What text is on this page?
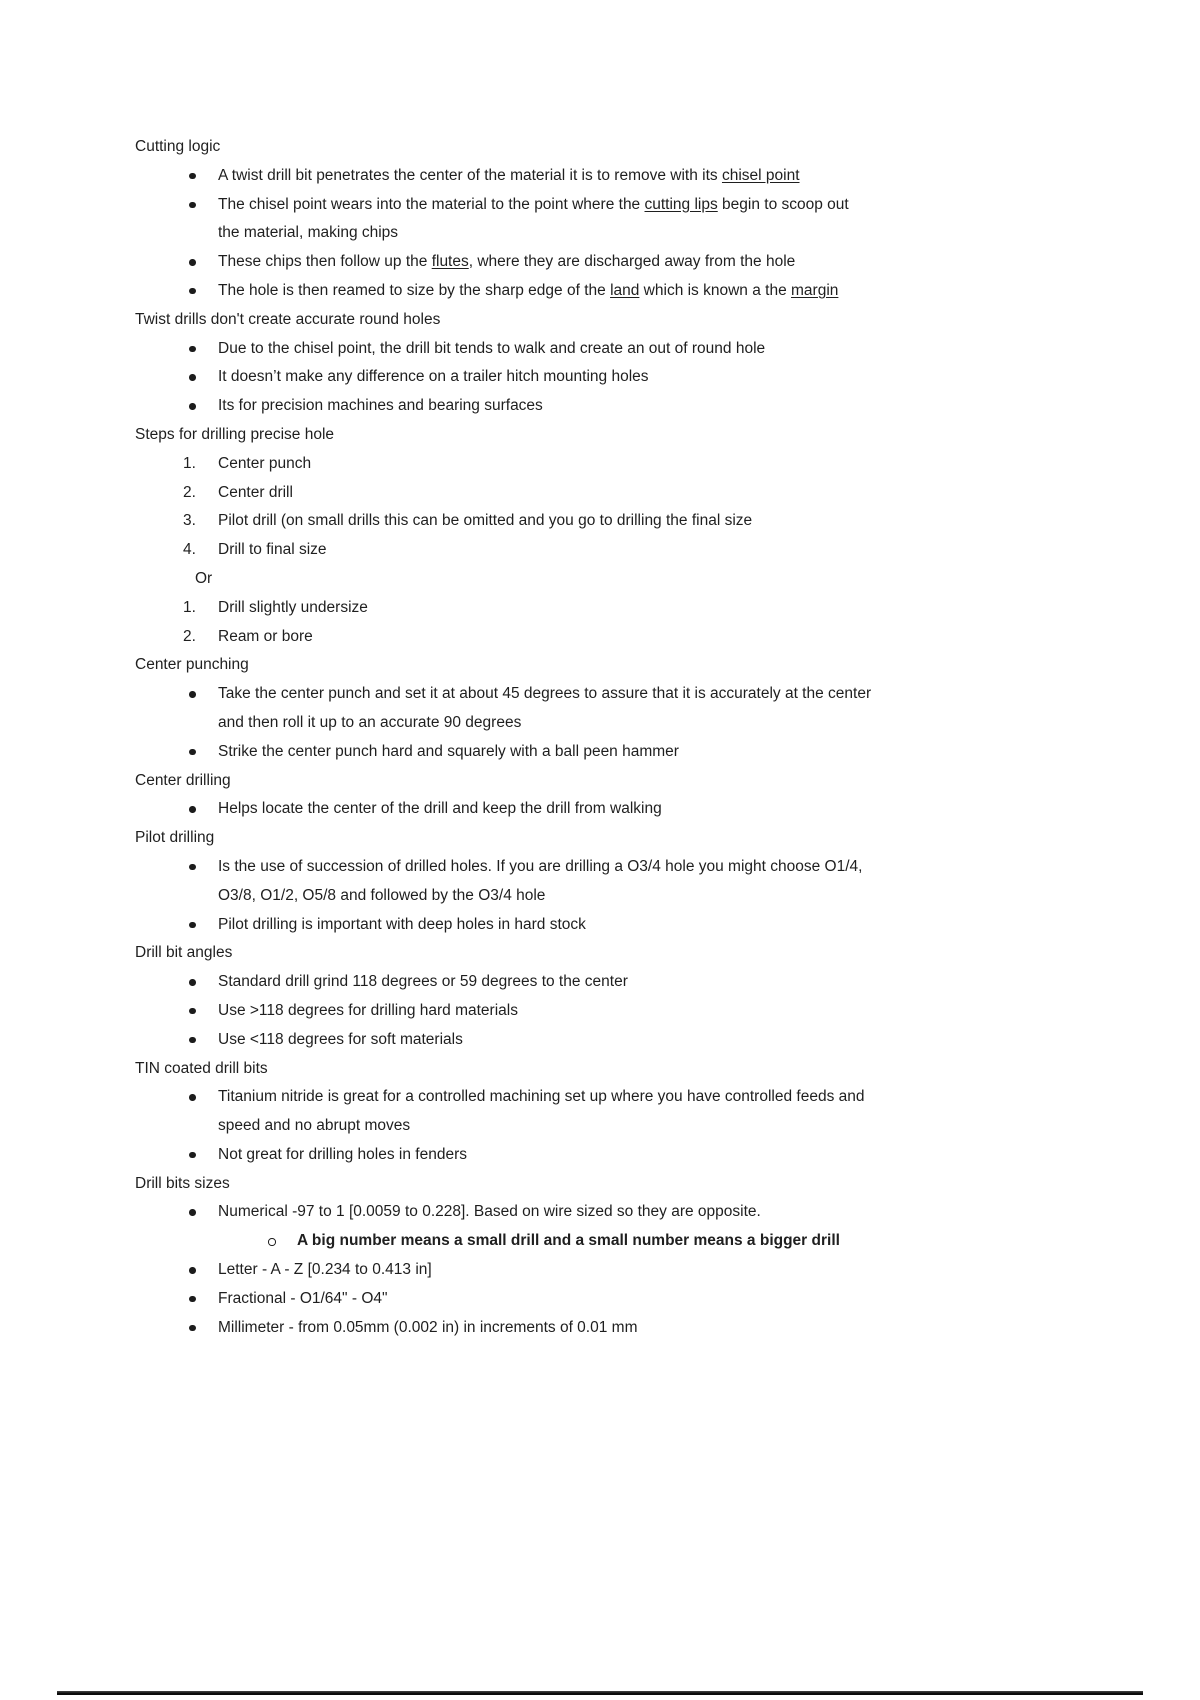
Cutting logic
A twist drill bit penetrates the center of the material it is to remove with its chisel point
The chisel point wears into the material to the point where the cutting lips begin to scoop out
the material, making chips
These chips then follow up the flutes, where they are discharged away from the hole
The hole is then reamed to size by the sharp edge of the land which is known a the margin
Twist drills don't create accurate round holes
Due to the chisel point, the drill bit tends to walk and create an out of round hole
It doesn’t make any difference on a trailer hitch mounting holes
Its for precision machines and bearing surfaces
Steps for drilling precise hole
1. Center punch
2. Center drill
3. Pilot drill (on small drills this can be omitted and you go to drilling the final size
4. Drill to final size
Or
1. Drill slightly undersize
2. Ream or bore
Center punching
Take the center punch and set it at about 45 degrees to assure that it is accurately at the center
and then roll it up to an accurate 90 degrees
Strike the center punch hard and squarely with a ball peen hammer
Center drilling
Helps locate the center of the drill and keep the drill from walking
Pilot drilling
Is the use of succession of drilled holes. If you are drilling a O3/4 hole you might choose O1/4,
O3/8, O1/2, O5/8 and followed by the O3/4 hole
Pilot drilling is important with deep holes in hard stock
Drill bit angles
Standard drill grind 118 degrees or 59 degrees to the center
Use >118 degrees for drilling hard materials
Use <118 degrees for soft materials
TIN coated drill bits
Titanium nitride is great for a controlled machining set up where you have controlled feeds and
speed and no abrupt moves
Not great for drilling holes in fenders
Drill bits sizes
Numerical -97 to 1 [0.0059 to 0.228]. Based on wire sized so they are opposite.
A big number means a small drill and a small number means a bigger drill
Letter - A - Z [0.234 to 0.413 in]
Fractional - O1/64" - O4"
Millimeter - from 0.05mm (0.002 in) in increments of 0.01 mm
